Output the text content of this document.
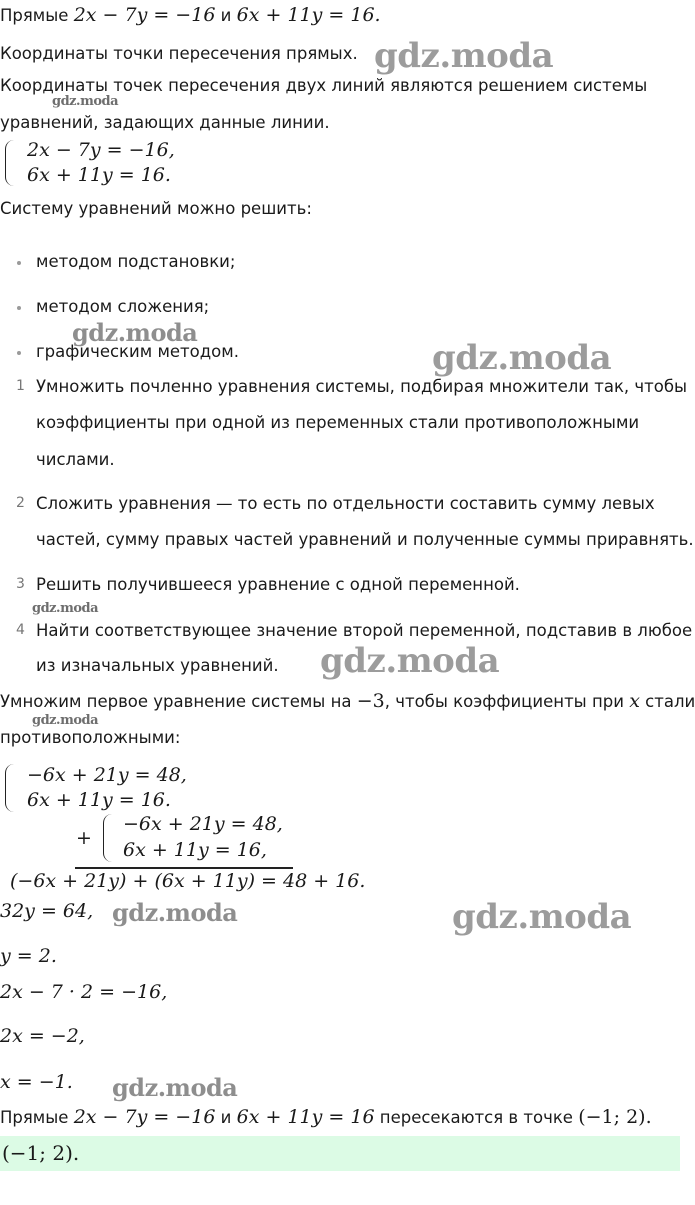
Прямые 2x − 7y = −16 и 6x + 11y = 16.
Координаты точки пересечения прямых.
Координаты точек пересечения двух линий являются решением системы
уравнений, задающих данные линии.
2x − 7y = −16,
6x + 11y = 16.
Систему уравнений можно решить:
методом подстановки;
методом сложения;
графическим методом.
1 Умножить почленно уравнения системы, подбирая множители так, чтобы
коэффициенты при одной из переменных стали противоположными
числами.
2 Сложить уравнения — то есть по отдельности составить сумму левых
частей, сумму правых частей уравнений и полученные суммы приравнять.
3 Решить получившееся уравнение с одной переменной.
4 Найти соответствующее значение второй переменной, подставив в любое
из изначальных уравнений.
Умножим первое уравнение системы на −3, чтобы коэффициенты при x стали
противоположными:
−6x + 21y = 48,
6x + 11y = 16.
+
−6x + 21y = 48,
6x + 11y = 16,
(−6x + 21y) + (6x + 11y) = 48 + 16.
32y = 64,
y = 2.
2x − 7 · 2 = −16,
2x = −2,
x = −1.
Прямые 2x − 7y = −16 и 6x + 11y = 16 пересекаются в точке (−1; 2).
(−1; 2).
gdz.moda
gdz.moda
gdz.moda
gdz.moda
gdz.moda
gdz.moda
gdz.moda
gdz.moda	gdz.moda
gdz.moda
